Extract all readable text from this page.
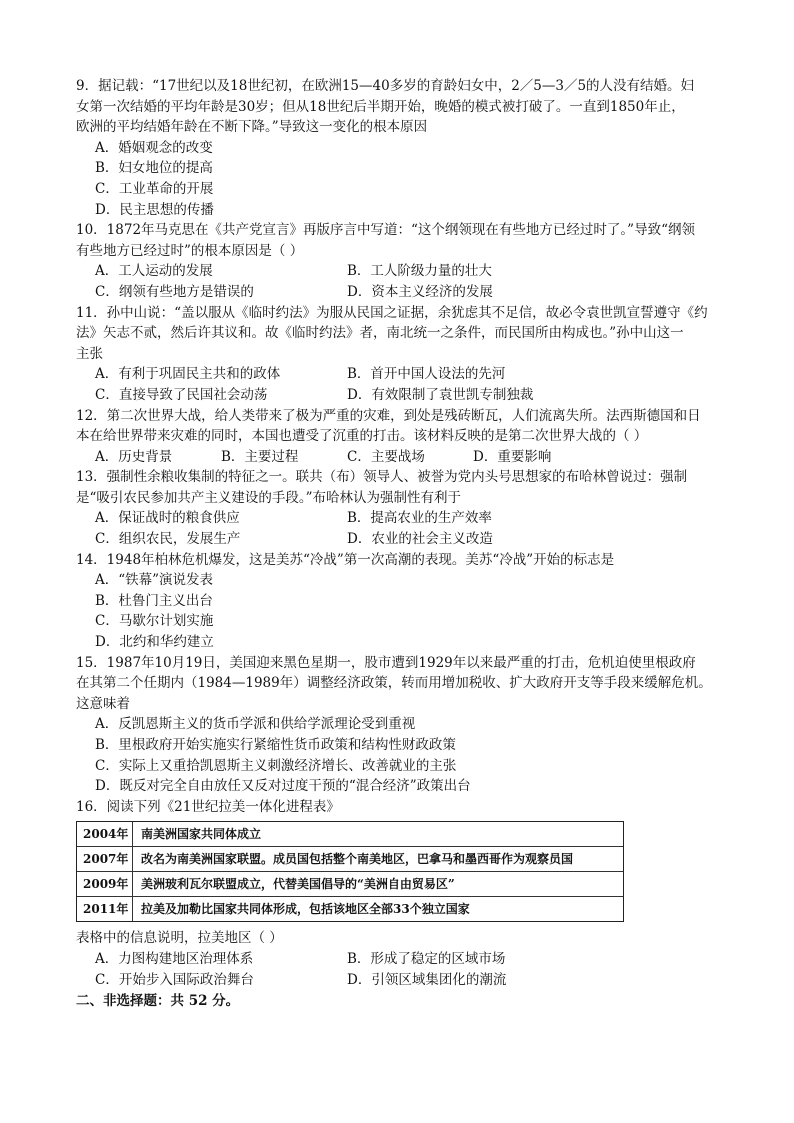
9．据记载：“17世纪以及18世纪初，在欧洲15—40多岁的育龄妇女中，2／5—3／5的人没有结婚。妇
女第一次结婚的平均年龄是30岁；但从18世纪后半期开始，晚婚的模式被打破了。一直到1850年止，
欧洲的平均结婚年龄在不断下降。”导致这一变化的根本原因
A．婚姻观念的改变
B．妇女地位的提高
C．工业革命的开展
D．民主思想的传播
10．1872年马克思在《共产党宣言》再版序言中写道：“这个纲领现在有些地方已经过时了。”导致“纲领
有些地方已经过时”的根本原因是（ ）
A．工人运动的发展	B．工人阶级力量的壮大
C．纲领有些地方是错误的	D．资本主义经济的发展
11．孙中山说：“盖以服从《临时约法》为服从民国之证据，余犹虑其不足信，故必令袁世凯宣誓遵守《约
法》矢志不贰，然后许其议和。故《临时约法》者，南北统一之条件，而民国所由构成也。”孙中山这一
主张
A．有利于巩固民主共和的政体	B．首开中国人设法的先河
C．直接导致了民国社会动荡	D．有效限制了袁世凯专制独裁
12．第二次世界大战，给人类带来了极为严重的灾难，到处是残砖断瓦，人们流离失所。法西斯德国和日
本在给世界带来灾难的同时，本国也遭受了沉重的打击。该材料反映的是第二次世界大战的（ ）
A．历史背景	B．主要过程	C．主要战场	D．重要影响
13．强制性余粮收集制的特征之一。联共（布）领导人、被誉为党内头号思想家的布哈林曾说过：强制
是“吸引农民参加共产主义建设的手段。”布哈林认为强制性有利于
A．保证战时的粮食供应	B．提高农业的生产效率
C．组织农民，发展生产	D．农业的社会主义改造
14．1948年柏林危机爆发，这是美苏“冷战”第一次高潮的表现。美苏“冷战”开始的标志是
A．“铁幕”演说发表
B．杜鲁门主义出台
C．马歇尔计划实施
D．北约和华约建立
15．1987年10月19日，美国迎来黑色星期一，股市遭到1929年以来最严重的打击，危机迫使里根政府
在其第二个任期内（1984—1989年）调整经济政策，转而用增加税收、扩大政府开支等手段来缓解危机。
这意味着
A．反凯恩斯主义的货币学派和供给学派理论受到重视
B．里根政府开始实施实行紧缩性货币政策和结构性财政政策
C．实际上又重拾凯恩斯主义刺激经济增长、改善就业的主张
D．既反对完全自由放任又反对过度干预的“混合经济”政策出台
16．阅读下列《21世纪拉美一体化进程表》
2004年	南美洲国家共同体成立
2007年	改名为南美洲国家联盟。成员国包括整个南美地区，巴拿马和墨西哥作为观察员国
2009年	美洲玻利瓦尔联盟成立，代替美国倡导的“美洲自由贸易区”
2011年	拉美及加勒比国家共同体形成，包括该地区全部33个独立国家
表格中的信息说明，拉美地区（ ）
A．力图构建地区治理体系	B．形成了稳定的区域市场
C．开始步入国际政治舞台	D．引领区域集团化的潮流
二、非选择题：共 52 分。
